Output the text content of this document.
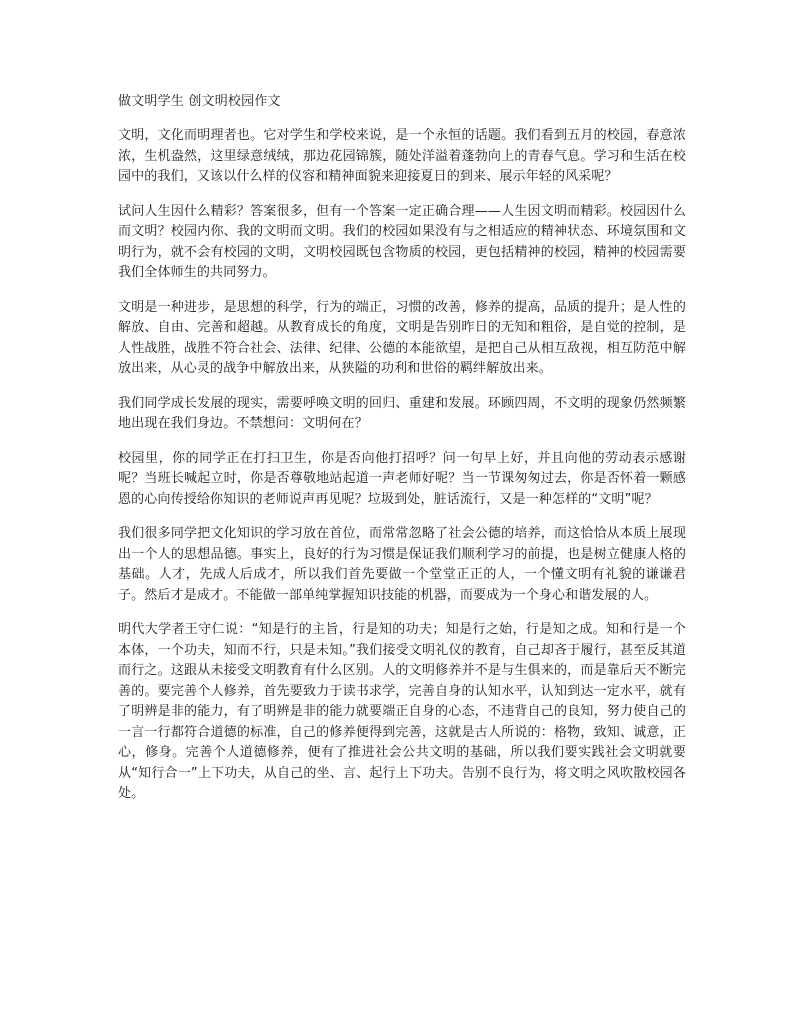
做文明学生 创文明校园作文

文明，文化而明理者也。它对学生和学校来说，是一个永恒的话题。我们看到五月的校园，春意浓浓，生机盎然，这里绿意绒绒，那边花园锦簇，随处洋溢着蓬勃向上的青春气息。学习和生活在校园中的我们，又该以什么样的仪容和精神面貌来迎接夏日的到来、展示年轻的风采呢？

试问人生因什么精彩？答案很多，但有一个答案一定正确合理——人生因文明而精彩。校园因什么而文明？校园内你、我的文明而文明。我们的校园如果没有与之相适应的精神状态、环境氛围和文明行为，就不会有校园的文明，文明校园既包含物质的校园，更包括精神的校园，精神的校园需要我们全体师生的共同努力。

文明是一种进步，是思想的科学，行为的端正，习惯的改善，修养的提高，品质的提升；是人性的解放、自由、完善和超越。从教育成长的角度，文明是告别昨日的无知和粗俗，是自觉的控制，是人性战胜，战胜不符合社会、法律、纪律、公德的本能欲望，是把自己从相互敌视，相互防范中解放出来，从心灵的战争中解放出来，从狭隘的功利和世俗的羁绊解放出来。

我们同学成长发展的现实，需要呼唤文明的回归、重建和发展。环顾四周，不文明的现象仍然频繁地出现在我们身边。不禁想问：文明何在？

校园里，你的同学正在打扫卫生，你是否向他打招呼？问一句早上好，并且向他的劳动表示感谢呢？当班长喊起立时，你是否尊敬地站起道一声老师好呢？当一节课匆匆过去，你是否怀着一颗感恩的心向传授给你知识的老师说声再见呢？垃圾到处，脏话流行，又是一种怎样的“文明”呢？

我们很多同学把文化知识的学习放在首位，而常常忽略了社会公德的培养，而这恰恰从本质上展现出一个人的思想品德。事实上，良好的行为习惯是保证我们顺利学习的前提，也是树立健康人格的基础。人才，先成人后成才，所以我们首先要做一个堂堂正正的人，一个懂文明有礼貌的谦谦君子。然后才是成才。不能做一部单纯掌握知识技能的机器，而要成为一个身心和谐发展的人。

明代大学者王守仁说：“知是行的主旨，行是知的功夫；知是行之始，行是知之成。知和行是一个本体，一个功夫，知而不行，只是未知。”我们接受文明礼仪的教育，自己却吝于履行，甚至反其道而行之。这跟从未接受文明教育有什么区别。人的文明修养并不是与生俱来的，而是靠后天不断完善的。要完善个人修养，首先要致力于读书求学，完善自身的认知水平，认知到达一定水平，就有了明辨是非的能力，有了明辨是非的能力就要端正自身的心态，不违背自己的良知，努力使自己的一言一行都符合道德的标准，自己的修养便得到完善，这就是古人所说的：格物，致知、诚意，正心，修身。完善个人道德修养，便有了推进社会公共文明的基础，所以我们要实践社会文明就要从“知行合一”上下功夫，从自己的坐、言、起行上下功夫。告别不良行为，将文明之风吹散校园各处。
